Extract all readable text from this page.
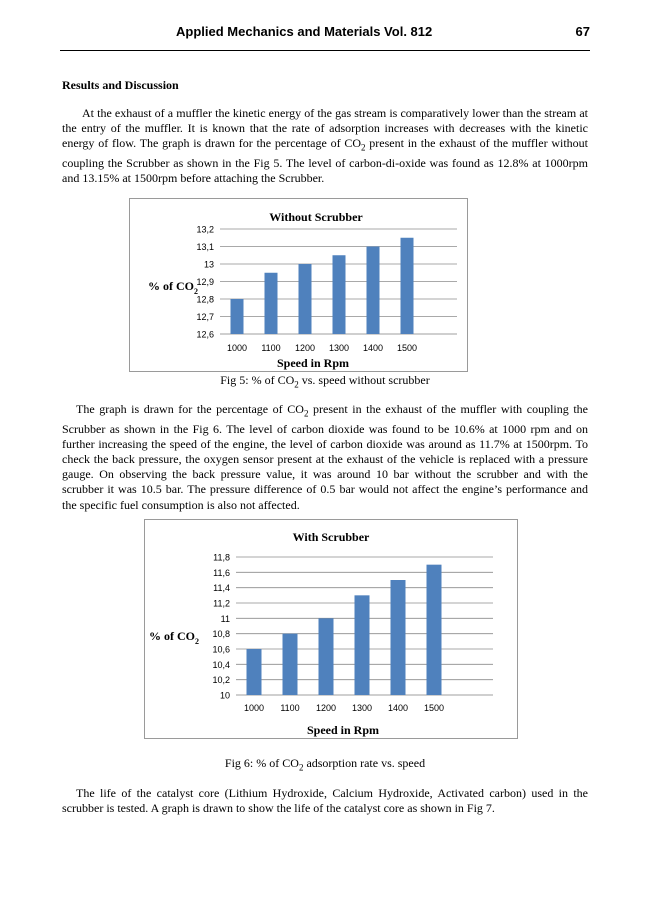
Applied Mechanics and Materials Vol. 812	67
Results and Discussion
At the exhaust of a muffler the kinetic energy of the gas stream is comparatively lower than the stream at the entry of the muffler. It is known that the rate of adsorption increases with decreases with the kinetic energy of flow. The graph is drawn for the percentage of $CO_2$ present in the exhaust of the muffler without coupling the Scrubber as shown in the Fig 5. The level of carbon-di-oxide was found as 12.8% at 1000rpm and 13.15% at 1500rpm before attaching the Scrubber.
Without Scrubber
12,6
12,7
12,8
12,9
13
13,1
13,2
1000 1100 1200 1300 1400 1500
% of $CO_2$
Speed in Rpm
Fig 5: % of $CO_2$ vs. speed without scrubber
The graph is drawn for the percentage of $CO_2$ present in the exhaust of the muffler with coupling the Scrubber as shown in the Fig 6. The level of carbon dioxide was found to be 10.6% at 1000 rpm and on further increasing the speed of the engine, the level of carbon dioxide was around as 11.7% at 1500rpm. To check the back pressure, the oxygen sensor present at the exhaust of the vehicle is replaced with a pressure gauge. On observing the back pressure value, it was around 10 bar without the scrubber and with the scrubber it was 10.5 bar. The pressure difference of 0.5 bar would not affect the engine’s performance and the specific fuel consumption is also not affected.
With Scrubber
10
10,2
10,4
10,6
10,8
11
11,2
11,4
11,6
11,8
1000 1100 1200 1300 1400 1500
% of $CO_2$
Speed in Rpm
Fig 6: % of $CO_2$ adsorption rate vs. speed
The life of the catalyst core (Lithium Hydroxide, Calcium Hydroxide, Activated carbon) used in the scrubber is tested. A graph is drawn to show the life of the catalyst core as shown in Fig 7.
